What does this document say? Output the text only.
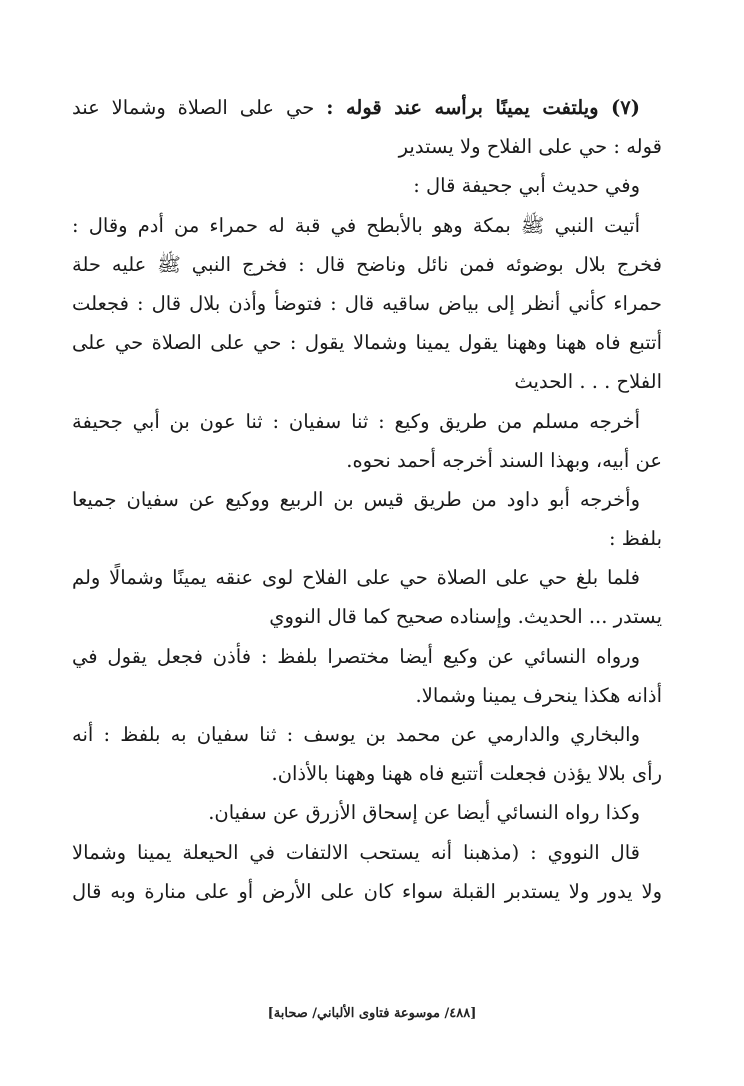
(٧) ويلتفت يمينًا برأسه عند قوله : حي على الصلاة وشمالا عند
قوله : حي على الفلاح ولا يستدير
وفي حديث أبي جحيفة قال :
أتيت النبي ﷺ بمكة وهو بالأبطح في قبة له حمراء من أدم وقال :
فخرج بلال بوضوئه فمن نائل وناضح قال : فخرج النبي ﷺ عليه حلة
حمراء كأني أنظر إلى بياض ساقيه قال : فتوضأ وأذن بلال قال : فجعلت
أتتبع فاه ههنا وههنا يقول يمينا وشمالا يقول : حي على الصلاة حي على
الفلاح . . . الحديث
أخرجه مسلم من طريق وكيع : ثنا سفيان : ثنا عون بن أبي جحيفة
عن أبيه، وبهذا السند أخرجه أحمد نحوه.
وأخرجه أبو داود من طريق قيس بن الربيع ووكيع عن سفيان جميعا
بلفظ :
فلما بلغ حي على الصلاة حي على الفلاح لوى عنقه يمينًا وشمالًا ولم
يستدر ... الحديث. وإسناده صحيح كما قال النووي
ورواه النسائي عن وكيع أيضا مختصرا بلفظ : فأذن فجعل يقول في
أذانه هكذا ينحرف يمينا وشمالا.
والبخاري والدارمي عن محمد بن يوسف : ثنا سفيان به بلفظ : أنه
رأى بلالا يؤذن فجعلت أتتبع فاه ههنا وههنا بالأذان.
وكذا رواه النسائي أيضا عن إسحاق الأزرق عن سفيان.
قال النووي : (مذهبنا أنه يستحب الالتفات في الحيعلة يمينا وشمالا
ولا يدور ولا يستدبر القبلة سواء كان على الأرض أو على منارة وبه قال
[٤٨٨/ موسوعة فتاوى الألباني/ صحابة]
